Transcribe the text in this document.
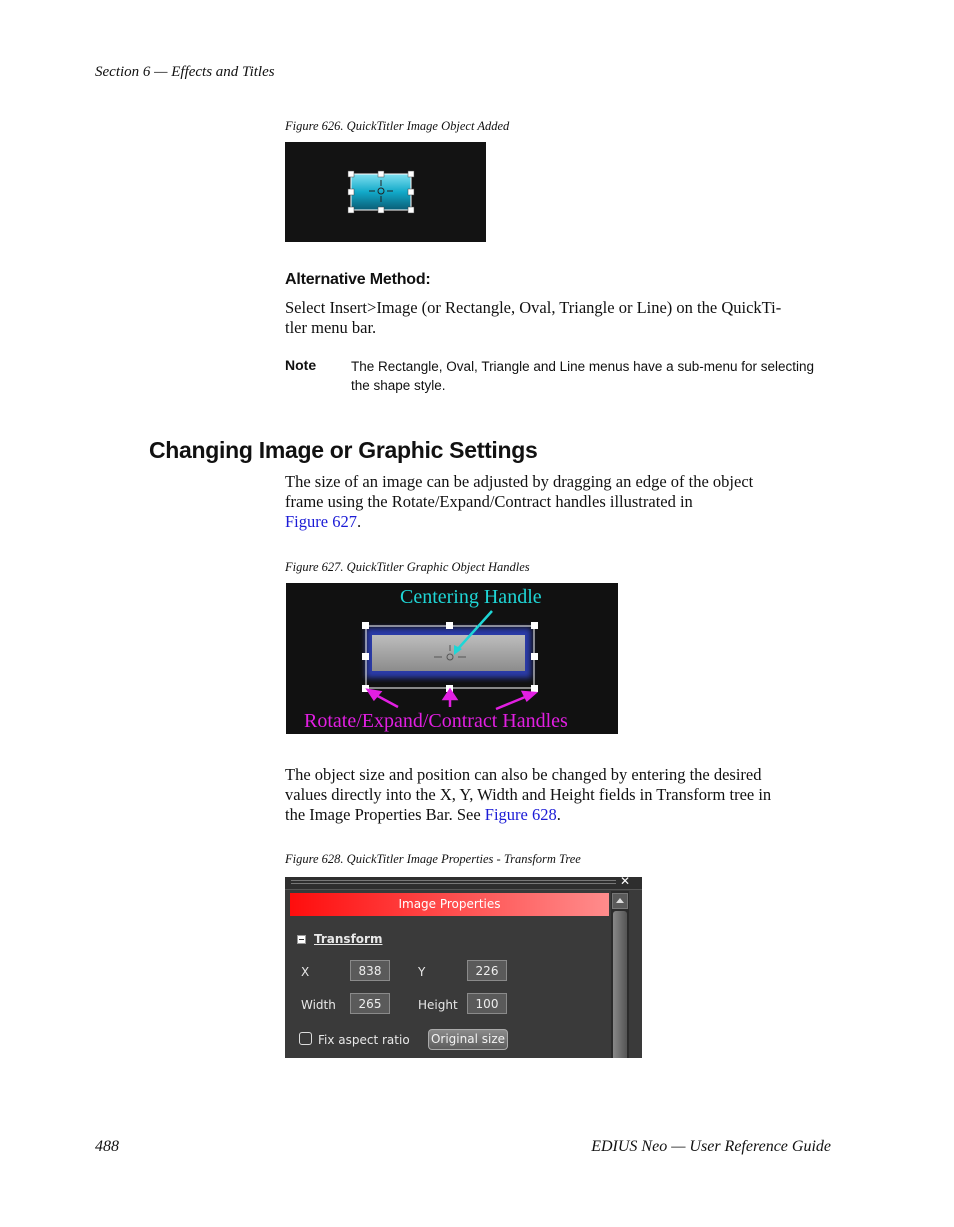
Section 6 — Effects and Titles
Figure 626. QuickTitler Image Object Added
Alternative Method:
Select Insert>Image (or Rectangle, Oval, Triangle or Line) on the QuickTi-
tler menu bar.
Note	The Rectangle, Oval, Triangle and Line menus have a sub-menu for selecting
the shape style.
Changing Image or Graphic Settings
The size of an image can be adjusted by dragging an edge of the object
frame using the Rotate/Expand/Contract handles illustrated in
Figure 627.
Figure 627. QuickTitler Graphic Object Handles
Centering Handle
Rotate/Expand/Contract Handles
The object size and position can also be changed by entering the desired
values directly into the X, Y, Width and Height fields in Transform tree in
the Image Properties Bar. See Figure 628.
Figure 628. QuickTitler Image Properties - Transform Tree
✕
Image Properties
Transform
X	838	Y	226
Width	265	Height	100
Fix aspect ratio Original size
488	EDIUS Neo — User Reference Guide
